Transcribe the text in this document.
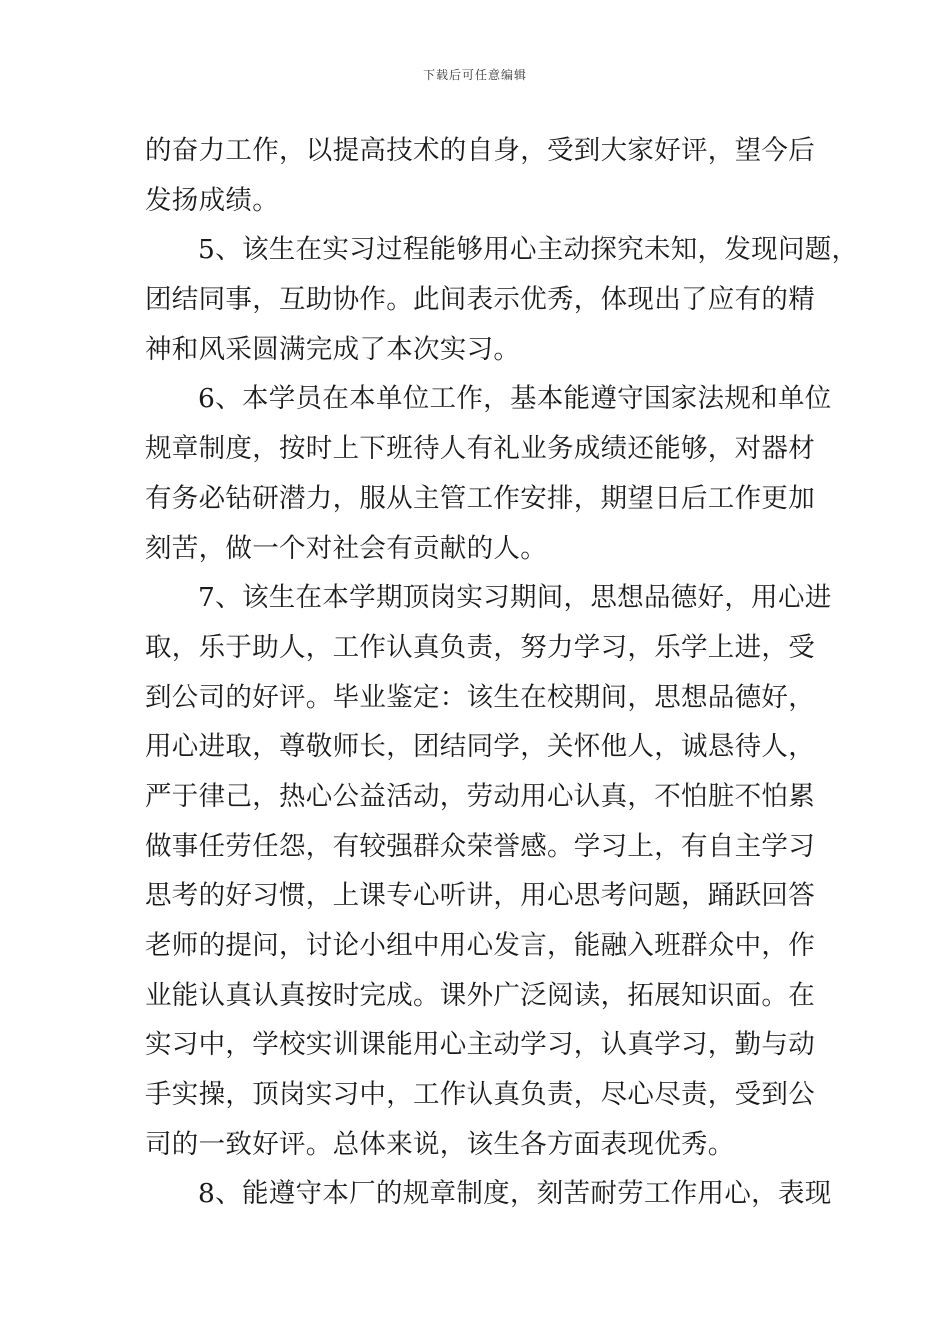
下载后可任意编辑
的奋力工作，以提高技术的自身，受到大家好评，望今后
发扬成绩。
5、该生在实习过程能够用心主动探究未知，发现问题，
团结同事，互助协作。此间表示优秀，体现出了应有的精
神和风采圆满完成了本次实习。
6、本学员在本单位工作，基本能遵守国家法规和单位
规章制度，按时上下班待人有礼业务成绩还能够，对器材
有务必钻研潜力，服从主管工作安排，期望日后工作更加
刻苦，做一个对社会有贡献的人。
7、该生在本学期顶岗实习期间，思想品德好，用心进
取，乐于助人，工作认真负责，努力学习，乐学上进，受
到公司的好评。毕业鉴定：该生在校期间，思想品德好，
用心进取，尊敬师长，团结同学，关怀他人，诚恳待人，
严于律己，热心公益活动，劳动用心认真，不怕脏不怕累
做事任劳任怨，有较强群众荣誉感。学习上，有自主学习
思考的好习惯，上课专心听讲，用心思考问题，踊跃回答
老师的提问，讨论小组中用心发言，能融入班群众中，作
业能认真认真按时完成。课外广泛阅读，拓展知识面。在
实习中，学校实训课能用心主动学习，认真学习，勤与动
手实操，顶岗实习中，工作认真负责，尽心尽责，受到公
司的一致好评。总体来说，该生各方面表现优秀。
8、能遵守本厂的规章制度，刻苦耐劳工作用心，表现
